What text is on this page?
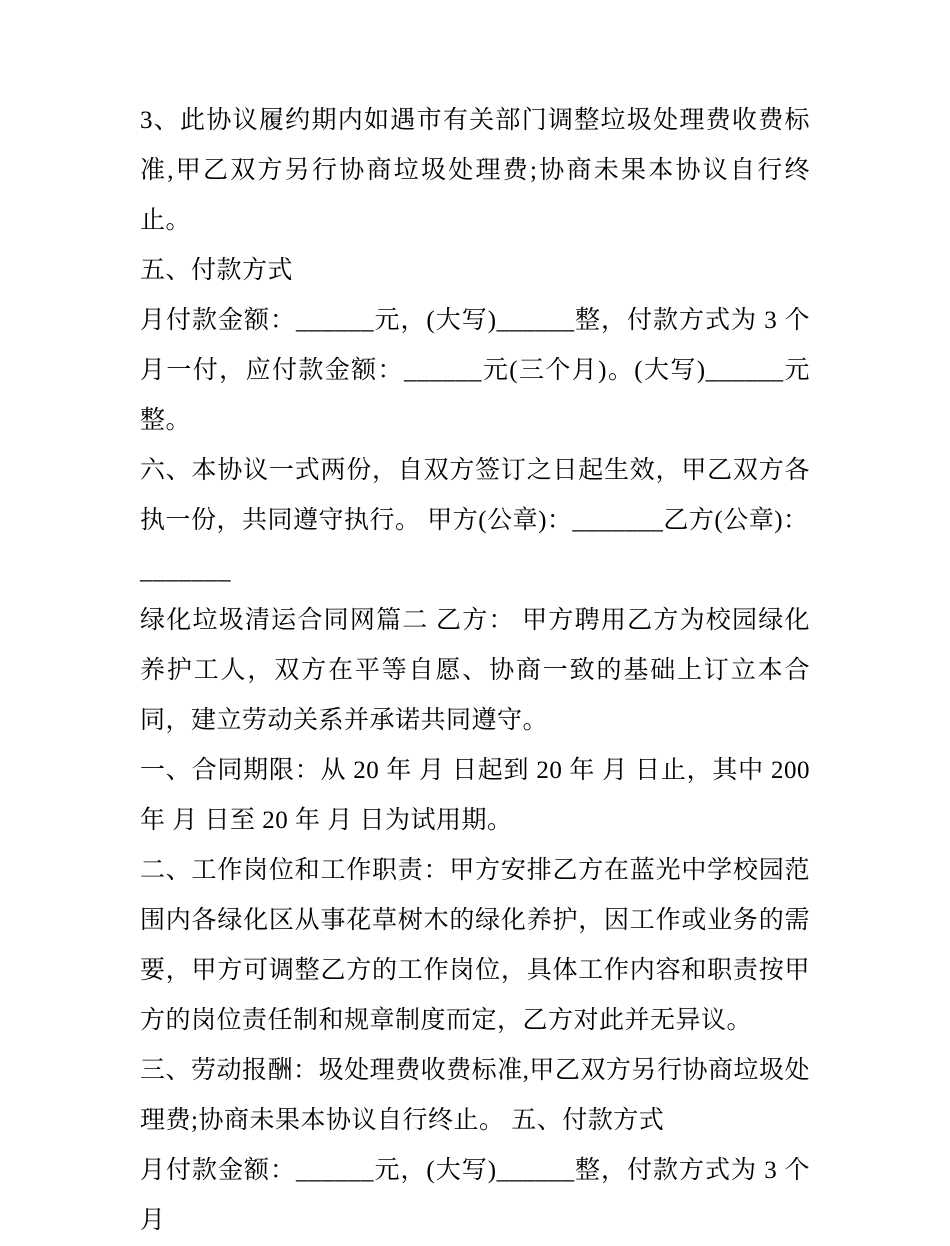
3、此协议履约期内如遇市有关部门调整垃圾处理费收费标准,甲乙双方另行协商垃圾处理费;协商未果本协议自行终止。

五、付款方式

月付款金额：______元，(大写)______整，付款方式为 3 个月一付，应付款金额：______元(三个月)。(大写)______元整。

六、本协议一式两份，自双方签订之日起生效，甲乙双方各执一份，共同遵守执行。 甲方(公章)：_______乙方(公章)：

_______

绿化垃圾清运合同网篇二 乙方： 甲方聘用乙方为校园绿化养护工人，双方在平等自愿、协商一致的基础上订立本合同，建立劳动关系并承诺共同遵守。

一、合同期限：从 20 年 月 日起到 20 年 月 日止，其中 200 年 月 日至 20 年 月 日为试用期。

二、工作岗位和工作职责：甲方安排乙方在蓝光中学校园范围内各绿化区从事花草树木的绿化养护，因工作或业务的需要，甲方可调整乙方的工作岗位，具体工作内容和职责按甲方的岗位责任制和规章制度而定，乙方对此并无异议。

三、劳动报酬：圾处理费收费标准,甲乙双方另行协商垃圾处理费;协商未果本协议自行终止。 五、付款方式

月付款金额：______元，(大写)______整，付款方式为 3 个月
